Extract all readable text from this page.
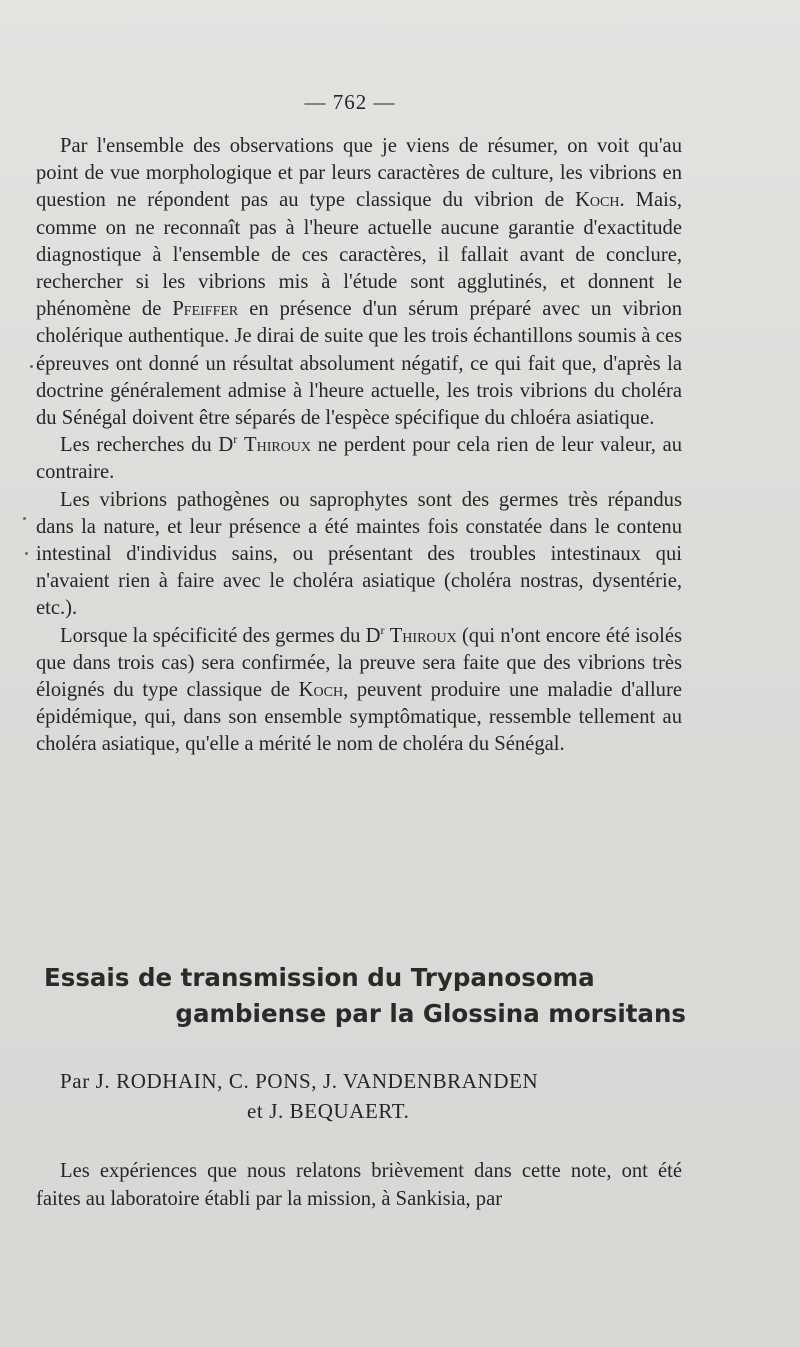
— 762 —

Par l'ensemble des observations que je viens de résumer, on voit qu'au point de vue morphologique et par leurs caractères de culture, les vibrions en question ne répondent pas au type classique du vibrion de Koch. Mais, comme on ne reconnaît pas à l'heure actuelle aucune garantie d'exactitude diagnostique à l'ensemble de ces caractères, il fallait avant de conclure, rechercher si les vibrions mis à l'étude sont agglutinés, et donnent le phénomène de Pfeiffer en présence d'un sérum préparé avec un vibrion cholérique authentique. Je dirai de suite que les trois échantillons soumis à ces épreuves ont donné un résultat absolument négatif, ce qui fait que, d'après la doctrine généralement admise à l'heure actuelle, les trois vibrions du choléra du Sénégal doivent être séparés de l'espèce spécifique du chloéra asiatique.

Les recherches du $D^r$ Thiroux ne perdent pour cela rien de leur valeur, au contraire.

Les vibrions pathogènes ou saprophytes sont des germes très répandus dans la nature, et leur présence a été maintes fois constatée dans le contenu intestinal d'individus sains, ou présentant des troubles intestinaux qui n'avaient rien à faire avec le choléra asiatique (choléra nostras, dysentérie, etc.).

Lorsque la spécificité des germes du $D^r$ Thiroux (qui n'ont encore été isolés que dans trois cas) sera confirmée, la preuve sera faite que des vibrions très éloignés du type classique de Koch, peuvent produire une maladie d'allure épidémique, qui, dans son ensemble symptômatique, ressemble tellement au choléra asiatique, qu'elle a mérité le nom de choléra du Sénégal.

Essais de transmission du Trypanosoma
gambiense par la Glossina morsitans
Par J. RODHAIN, C. PONS, J. VANDENBRANDEN
et J. BEQUAERT.

Les expériences que nous relatons brièvement dans cette note, ont été faites au laboratoire établi par la mission, à Sankisia, par
